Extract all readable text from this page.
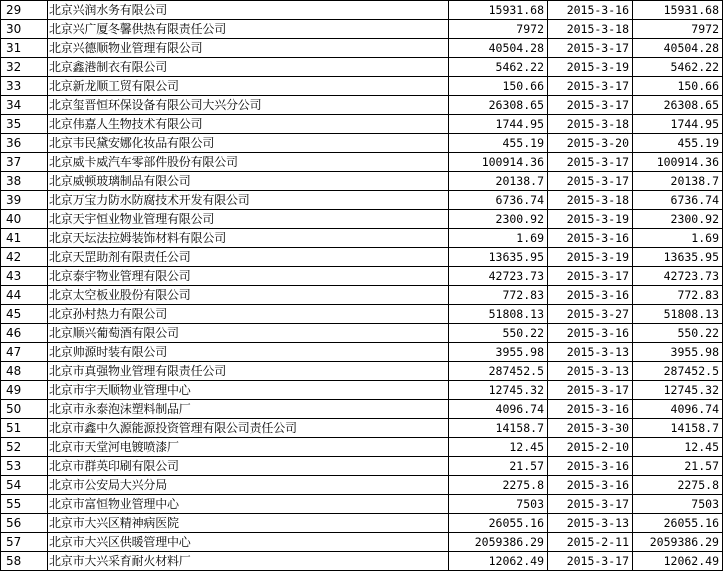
29	北京兴润水务有限公司	15931.68	2015-3-16	15931.68
30	北京兴广厦冬馨供热有限责任公司	7972	2015-3-18	7972
31	北京兴德顺物业管理有限公司	40504.28	2015-3-17	40504.28
32	北京鑫港制衣有限公司	5462.22	2015-3-19	5462.22
33	北京新龙顺工贸有限公司	150.66	2015-3-17	150.66
34	北京玺晋恒环保设备有限公司大兴分公司	26308.65	2015-3-17	26308.65
35	北京伟嘉人生物技术有限公司	1744.95	2015-3-18	1744.95
36	北京韦民黛安娜化妆品有限公司	455.19	2015-3-20	455.19
37	北京威卡威汽车零部件股份有限公司	100914.36	2015-3-17	100914.36
38	北京威顿玻璃制品有限公司	20138.7	2015-3-17	20138.7
39	北京万宝力防水防腐技术开发有限公司	6736.74	2015-3-18	6736.74
40	北京天宇恒业物业管理有限公司	2300.92	2015-3-19	2300.92
41	北京天坛法拉姆装饰材料有限公司	1.69	2015-3-16	1.69
42	北京天罡助剂有限责任公司	13635.95	2015-3-19	13635.95
43	北京泰宇物业管理有限公司	42723.73	2015-3-17	42723.73
44	北京太空板业股份有限公司	772.83	2015-3-16	772.83
45	北京孙村热力有限公司	51808.13	2015-3-27	51808.13
46	北京顺兴葡萄酒有限公司	550.22	2015-3-16	550.22
47	北京帅源时装有限公司	3955.98	2015-3-13	3955.98
48	北京市真强物业管理有限责任公司	287452.5	2015-3-13	287452.5
49	北京市宇天顺物业管理中心	12745.32	2015-3-17	12745.32
50	北京市永泰泡沫塑料制品厂	4096.74	2015-3-16	4096.74
51	北京市鑫中久源能源投资管理有限公司责任公司	14158.7	2015-3-30	14158.7
52	北京市天堂河电镀喷漆厂	12.45	2015-2-10	12.45
53	北京市群英印刷有限公司	21.57	2015-3-16	21.57
54	北京市公安局大兴分局	2275.8	2015-3-16	2275.8
55	北京市富恒物业管理中心	7503	2015-3-17	7503
56	北京市大兴区精神病医院	26055.16	2015-3-13	26055.16
57	北京市大兴区供暖管理中心	2059386.29	2015-2-11	2059386.29
58	北京市大兴采育耐火材料厂	12062.49	2015-3-17	12062.49
